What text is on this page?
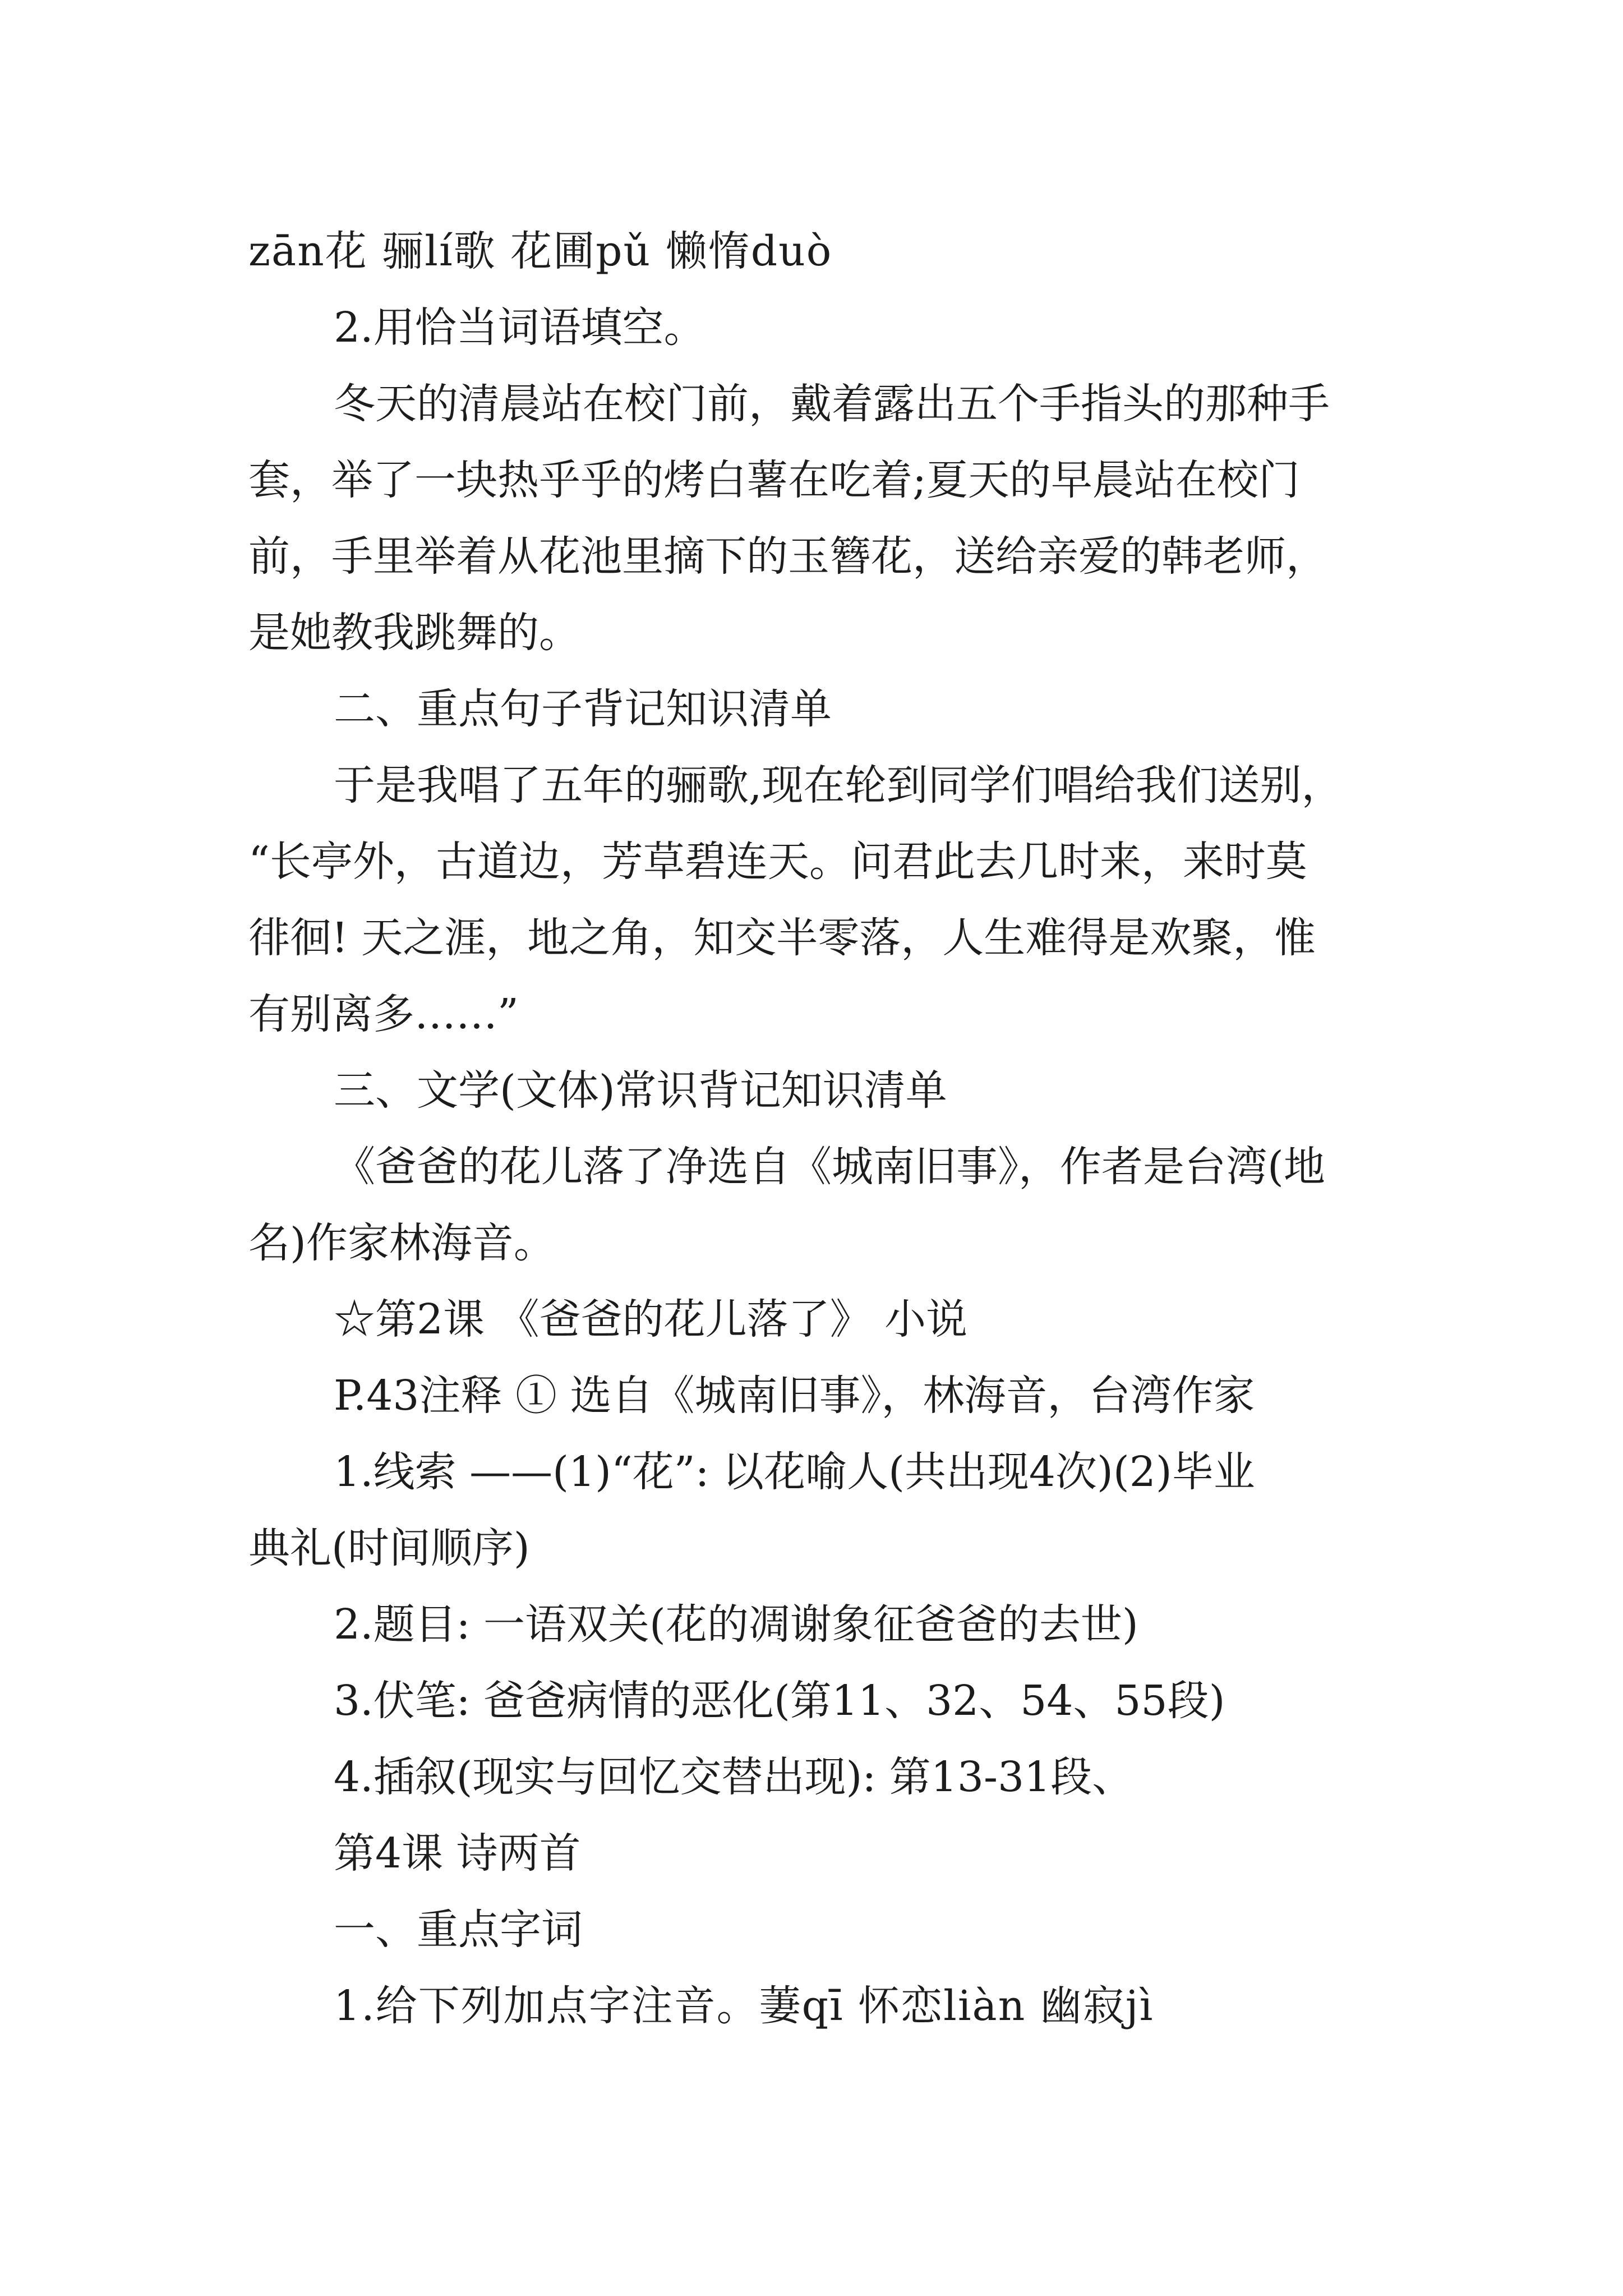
zān花 骊lí歌 花圃pǔ 懒惰duò
2.用恰当词语填空。
冬天的清晨站在校门前，戴着露出五个手指头的那种手
套，举了一块热乎乎的烤白薯在吃着;夏天的早晨站在校门
前，手里举着从花池里摘下的玉簪花，送给亲爱的韩老师，
是她教我跳舞的。
二、重点句子背记知识清单
于是我唱了五年的骊歌,现在轮到同学们唱给我们送别，
“长亭外，古道边，芳草碧连天。问君此去几时来，来时莫
徘徊! 天之涯，地之角，知交半零落，人生难得是欢聚，惟
有别离多……”
三、文学(文体)常识背记知识清单
《爸爸的花儿落了净选自《城南旧事》，作者是台湾(地
名)作家林海音。
☆第2课 《爸爸的花儿落了》 小说
P.43注释 ① 选自《城南旧事》，林海音，台湾作家
1.线索 ——(1)“花”: 以花喻人(共出现4次)(2)毕业
典礼(时间顺序)
2.题目: 一语双关(花的凋谢象征爸爸的去世)
3.伏笔: 爸爸病情的恶化(第11、32、54、55段)
4.插叙(现实与回忆交替出现): 第13-31段、
第4课 诗两首
一、重点字词
1.给下列加点字注音。萋qī 怀恋liàn 幽寂jì
